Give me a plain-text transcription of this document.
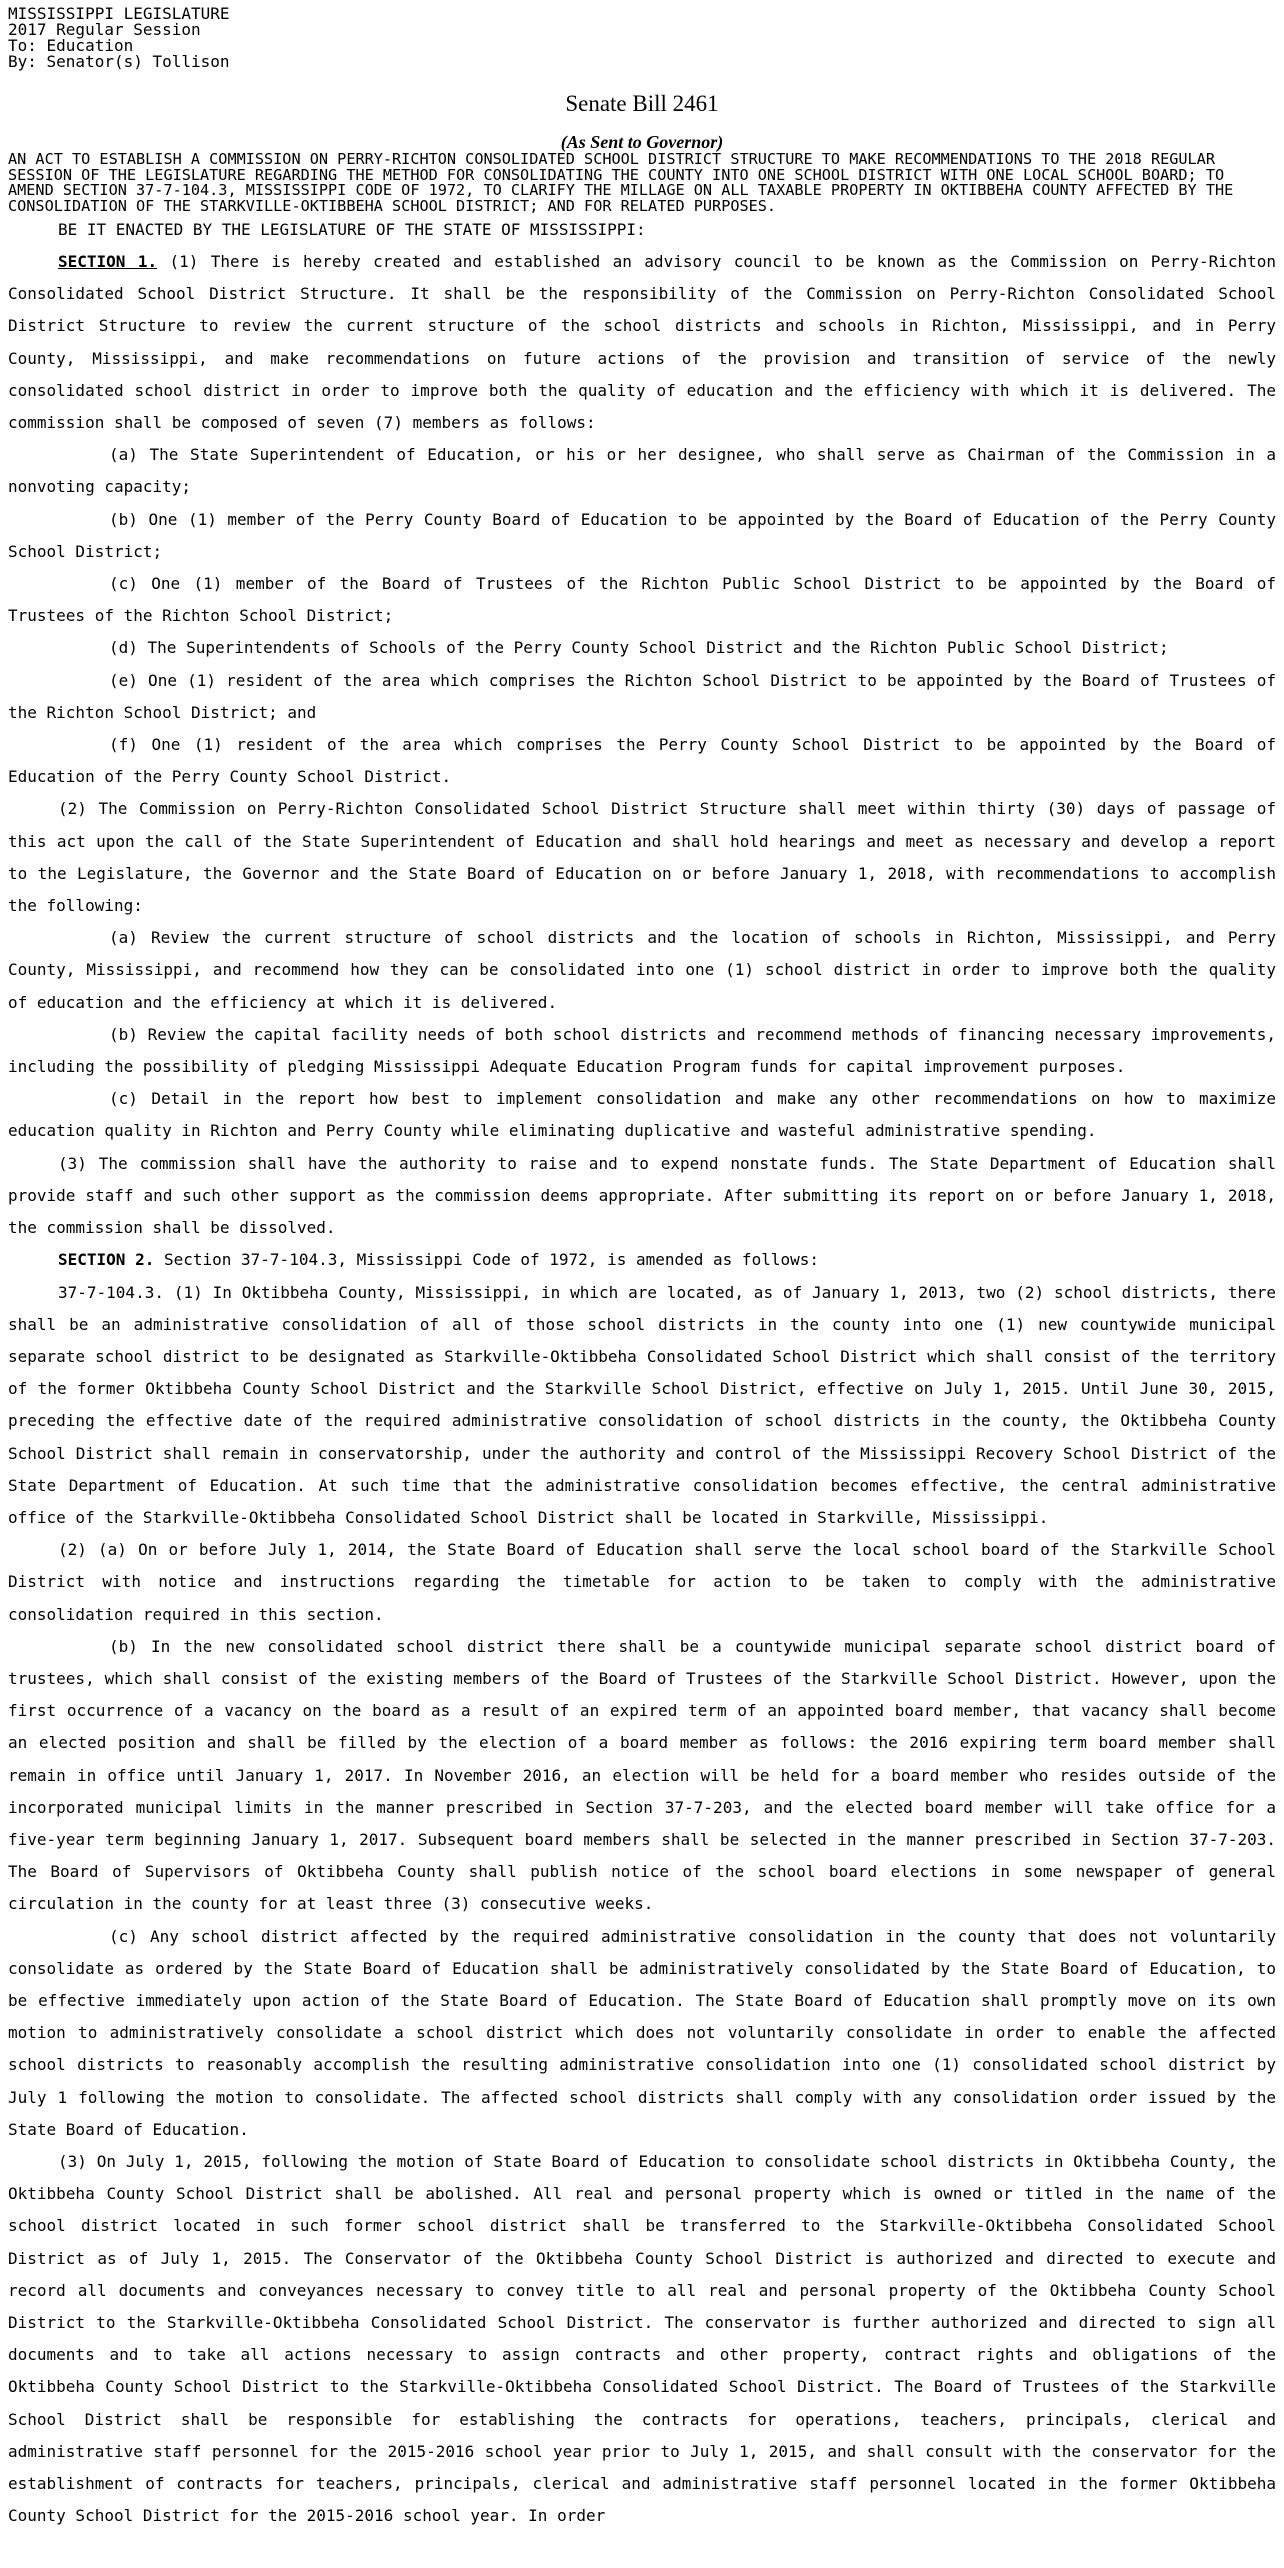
MISSISSIPPI LEGISLATURE
2017 Regular Session
To: Education
By: Senator(s) Tollison
Senate Bill 2461
(As Sent to Governor)
AN ACT TO ESTABLISH A COMMISSION ON PERRY-RICHTON CONSOLIDATED SCHOOL DISTRICT STRUCTURE TO MAKE RECOMMENDATIONS TO THE 2018 REGULAR SESSION OF THE LEGISLATURE REGARDING THE METHOD FOR CONSOLIDATING THE COUNTY INTO ONE SCHOOL DISTRICT WITH ONE LOCAL SCHOOL BOARD; TO AMEND SECTION 37-7-104.3, MISSISSIPPI CODE OF 1972, TO CLARIFY THE MILLAGE ON ALL TAXABLE PROPERTY IN OKTIBBEHA COUNTY AFFECTED BY THE CONSOLIDATION OF THE STARKVILLE-OKTIBBEHA SCHOOL DISTRICT; AND FOR RELATED PURPOSES.
BE IT ENACTED BY THE LEGISLATURE OF THE STATE OF MISSISSIPPI:

SECTION 1. (1) There is hereby created and established an advisory council to be known as the Commission on Perry-Richton Consolidated School District Structure. It shall be the responsibility of the Commission on Perry-Richton Consolidated School District Structure to review the current structure of the school districts and schools in Richton, Mississippi, and in Perry County, Mississippi, and make recommendations on future actions of the provision and transition of service of the newly consolidated school district in order to improve both the quality of education and the efficiency with which it is delivered. The commission shall be composed of seven (7) members as follows:

(a) The State Superintendent of Education, or his or her designee, who shall serve as Chairman of the Commission in a nonvoting capacity;

(b) One (1) member of the Perry County Board of Education to be appointed by the Board of Education of the Perry County School District;

(c) One (1) member of the Board of Trustees of the Richton Public School District to be appointed by the Board of Trustees of the Richton School District;

(d) The Superintendents of Schools of the Perry County School District and the Richton Public School District;

(e) One (1) resident of the area which comprises the Richton School District to be appointed by the Board of Trustees of the Richton School District; and

(f) One (1) resident of the area which comprises the Perry County School District to be appointed by the Board of Education of the Perry County School District.

(2) The Commission on Perry-Richton Consolidated School District Structure shall meet within thirty (30) days of passage of this act upon the call of the State Superintendent of Education and shall hold hearings and meet as necessary and develop a report to the Legislature, the Governor and the State Board of Education on or before January 1, 2018, with recommendations to accomplish the following:

(a) Review the current structure of school districts and the location of schools in Richton, Mississippi, and Perry County, Mississippi, and recommend how they can be consolidated into one (1) school district in order to improve both the quality of education and the efficiency at which it is delivered.

(b) Review the capital facility needs of both school districts and recommend methods of financing necessary improvements, including the possibility of pledging Mississippi Adequate Education Program funds for capital improvement purposes.

(c) Detail in the report how best to implement consolidation and make any other recommendations on how to maximize education quality in Richton and Perry County while eliminating duplicative and wasteful administrative spending.

(3) The commission shall have the authority to raise and to expend nonstate funds. The State Department of Education shall provide staff and such other support as the commission deems appropriate. After submitting its report on or before January 1, 2018, the commission shall be dissolved.

SECTION 2. Section 37-7-104.3, Mississippi Code of 1972, is amended as follows:

37-7-104.3. (1) In Oktibbeha County, Mississippi, in which are located, as of January 1, 2013, two (2) school districts, there shall be an administrative consolidation of all of those school districts in the county into one (1) new countywide municipal separate school district to be designated as Starkville-Oktibbeha Consolidated School District which shall consist of the territory of the former Oktibbeha County School District and the Starkville School District, effective on July 1, 2015. Until June 30, 2015, preceding the effective date of the required administrative consolidation of school districts in the county, the Oktibbeha County School District shall remain in conservatorship, under the authority and control of the Mississippi Recovery School District of the State Department of Education. At such time that the administrative consolidation becomes effective, the central administrative office of the Starkville-Oktibbeha Consolidated School District shall be located in Starkville, Mississippi.

(2) (a) On or before July 1, 2014, the State Board of Education shall serve the local school board of the Starkville School District with notice and instructions regarding the timetable for action to be taken to comply with the administrative consolidation required in this section.

(b) In the new consolidated school district there shall be a countywide municipal separate school district board of trustees, which shall consist of the existing members of the Board of Trustees of the Starkville School District. However, upon the first occurrence of a vacancy on the board as a result of an expired term of an appointed board member, that vacancy shall become an elected position and shall be filled by the election of a board member as follows: the 2016 expiring term board member shall remain in office until January 1, 2017. In November 2016, an election will be held for a board member who resides outside of the incorporated municipal limits in the manner prescribed in Section 37-7-203, and the elected board member will take office for a five-year term beginning January 1, 2017. Subsequent board members shall be selected in the manner prescribed in Section 37-7-203. The Board of Supervisors of Oktibbeha County shall publish notice of the school board elections in some newspaper of general circulation in the county for at least three (3) consecutive weeks.

(c) Any school district affected by the required administrative consolidation in the county that does not voluntarily consolidate as ordered by the State Board of Education shall be administratively consolidated by the State Board of Education, to be effective immediately upon action of the State Board of Education. The State Board of Education shall promptly move on its own motion to administratively consolidate a school district which does not voluntarily consolidate in order to enable the affected school districts to reasonably accomplish the resulting administrative consolidation into one (1) consolidated school district by July 1 following the motion to consolidate. The affected school districts shall comply with any consolidation order issued by the State Board of Education.

(3) On July 1, 2015, following the motion of State Board of Education to consolidate school districts in Oktibbeha County, the Oktibbeha County School District shall be abolished. All real and personal property which is owned or titled in the name of the school district located in such former school district shall be transferred to the Starkville-Oktibbeha Consolidated School District as of July 1, 2015. The Conservator of the Oktibbeha County School District is authorized and directed to execute and record all documents and conveyances necessary to convey title to all real and personal property of the Oktibbeha County School District to the Starkville-Oktibbeha Consolidated School District. The conservator is further authorized and directed to sign all documents and to take all actions necessary to assign contracts and other property, contract rights and obligations of the Oktibbeha County School District to the Starkville-Oktibbeha Consolidated School District. The Board of Trustees of the Starkville School District shall be responsible for establishing the contracts for operations, teachers, principals, clerical and administrative staff personnel for the 2015-2016 school year prior to July 1, 2015, and shall consult with the conservator for the establishment of contracts for teachers, principals, clerical and administrative staff personnel located in the former Oktibbeha County School District for the 2015-2016 school year. In order
